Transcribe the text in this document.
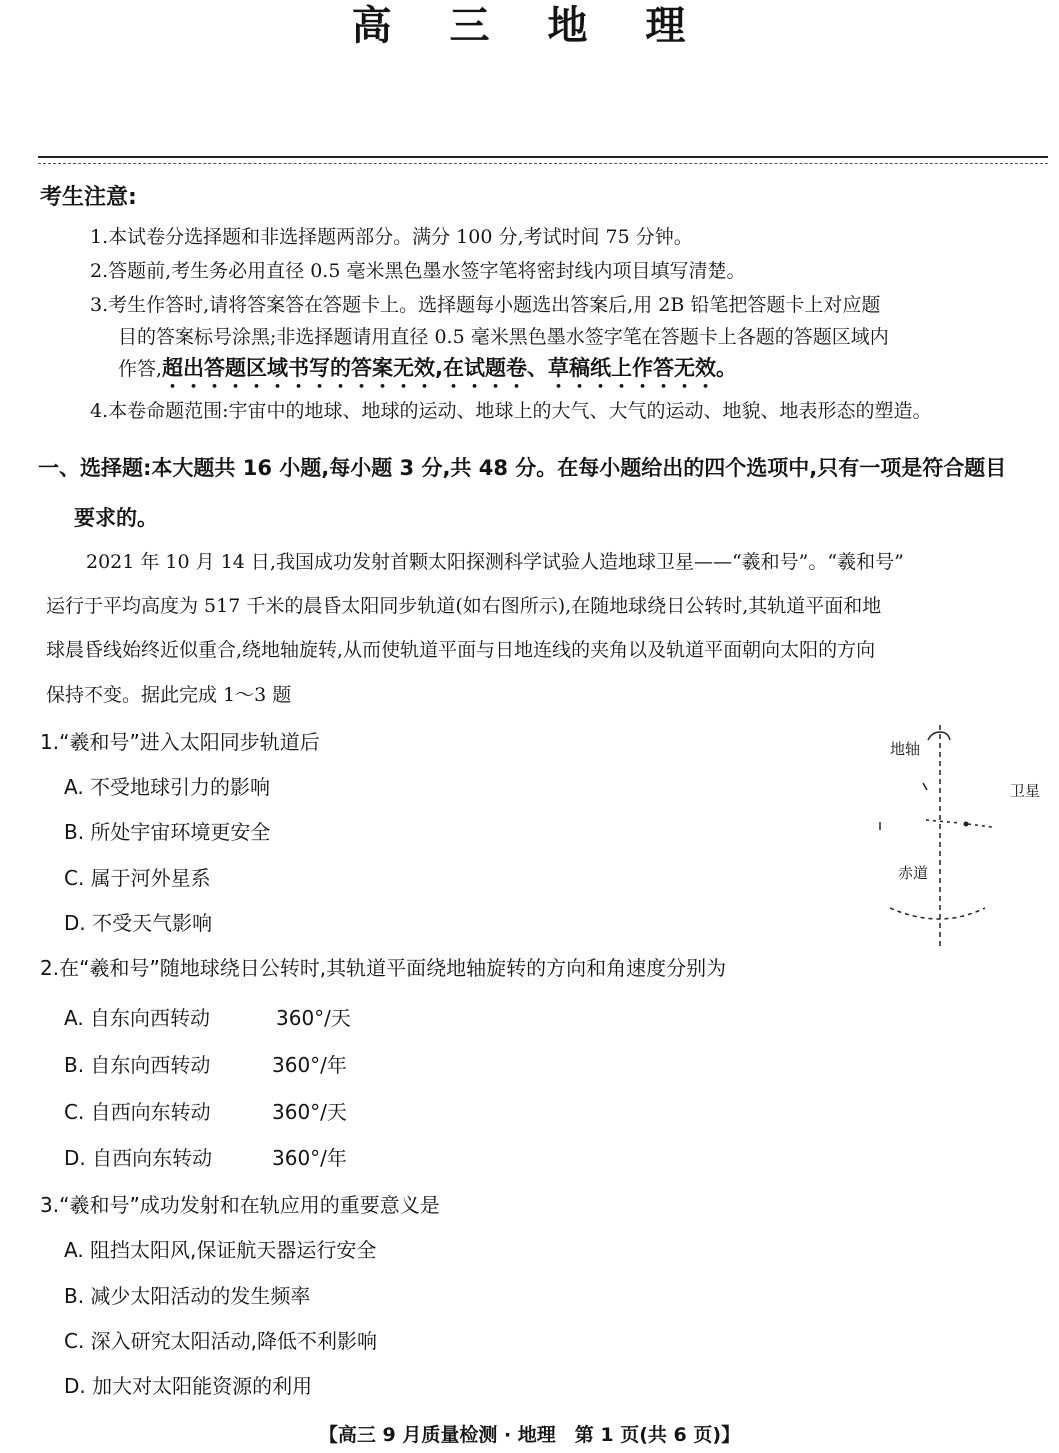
高 三 地 理
考生注意:
1.本试卷分选择题和非选择题两部分。满分 100 分,考试时间 75 分钟。
2.答题前,考生务必用直径 0.5 毫米黑色墨水签字笔将密封线内项目填写清楚。
3.考生作答时,请将答案答在答题卡上。选择题每小题选出答案后,用 2B 铅笔把答题卡上对应题
目的答案标号涂黑;非选择题请用直径 0.5 毫米黑色墨水签字笔在答题卡上各题的答题区域内
作答,超出答题区域书写的答案无效,在试题卷、草稿纸上作答无效。
4.本卷命题范围:宇宙中的地球、地球的运动、地球上的大气、大气的运动、地貌、地表形态的塑造。
一、选择题:本大题共 16 小题,每小题 3 分,共 48 分。在每小题给出的四个选项中,只有一项是符合题目
要求的。
2021 年 10 月 14 日,我国成功发射首颗太阳探测科学试验人造地球卫星——“羲和号”。“羲和号”
运行于平均高度为 517 千米的晨昏太阳同步轨道(如右图所示),在随地球绕日公转时,其轨道平面和地
球晨昏线始终近似重合,绕地轴旋转,从而使轨道平面与日地连线的夹角以及轨道平面朝向太阳的方向
保持不变。据此完成 1～3 题
地轴
卫星
赤道
1.“羲和号”进入太阳同步轨道后
A. 不受地球引力的影响
B. 所处宇宙环境更安全
C. 属于河外星系
D. 不受天气影响
2.在“羲和号”随地球绕日公转时,其轨道平面绕地轴旋转的方向和角速度分别为
A. 自东向西转动	360°/天
B. 自东向西转动	360°/年
C. 自西向东转动	360°/天
D. 自西向东转动	360°/年
3.“羲和号”成功发射和在轨应用的重要意义是
A. 阻挡太阳风,保证航天器运行安全
B. 减少太阳活动的发生频率
C. 深入研究太阳活动,降低不利影响
D. 加大对太阳能资源的利用
【高三 9 月质量检测 · 地理　第 1 页(共 6 页)】
